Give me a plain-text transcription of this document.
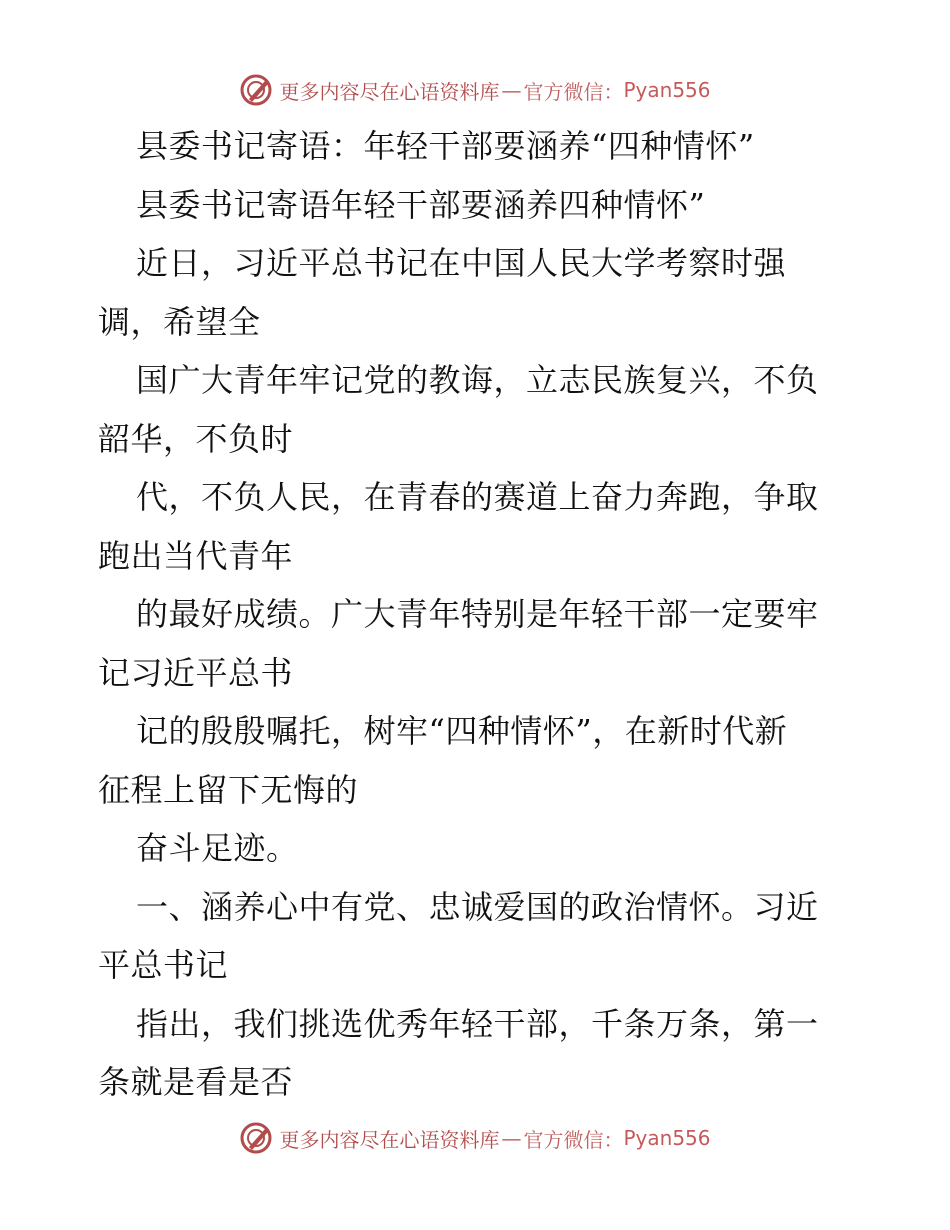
更多内容尽在心语资料库 — 官方微信： Pyan556
县委书记寄语：年轻干部要涵养“四种情怀”
县委书记寄语年轻干部要涵养四种情怀”
近日，习近平总书记在中国人民大学考察时强
调，希望全
国广大青年牢记党的教诲，立志民族复兴，不负
韶华，不负时
代，不负人民，在青春的赛道上奋力奔跑，争取
跑出当代青年
的最好成绩。广大青年特别是年轻干部一定要牢
记习近平总书
记的殷殷嘱托，树牢“四种情怀”，在新时代新
征程上留下无悔的
奋斗足迹。
一、涵养心中有党、忠诚爱国的政治情怀。习近
平总书记
指出，我们挑选优秀年轻干部，千条万条，第一
条就是看是否
更多内容尽在心语资料库 — 官方微信： Pyan556
